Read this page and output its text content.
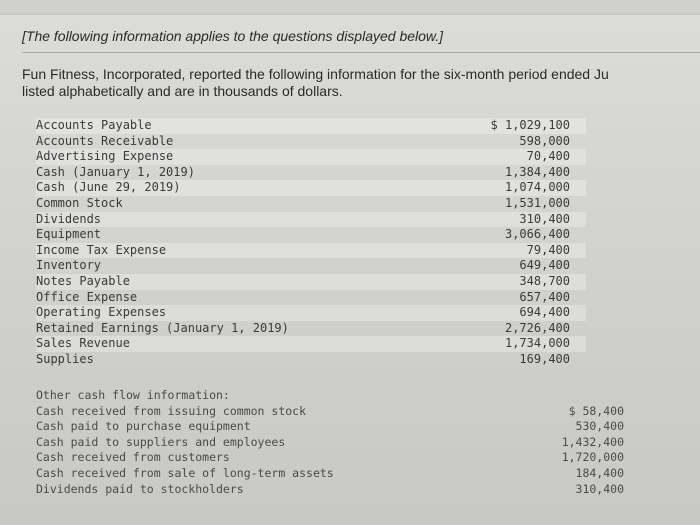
[The following information applies to the questions displayed below.]
Fun Fitness, Incorporated, reported the following information for the six-month period ended Ju
listed alphabetically and are in thousands of dollars.
Accounts Payable	$ 1,029,100
Accounts Receivable	598,000
Advertising Expense	70,400
Cash (January 1, 2019)	1,384,400
Cash (June 29, 2019)	1,074,000
Common Stock	1,531,000
Dividends	310,400
Equipment	3,066,400
Income Tax Expense	79,400
Inventory	649,400
Notes Payable	348,700
Office Expense	657,400
Operating Expenses	694,400
Retained Earnings (January 1, 2019)	2,726,400
Sales Revenue	1,734,000
Supplies	169,400
Other cash flow information:
Cash received from issuing common stock	$ 58,400
Cash paid to purchase equipment	530,400
Cash paid to suppliers and employees	1,432,400
Cash received from customers	1,720,000
Cash received from sale of long-term assets	184,400
Dividends paid to stockholders	310,400
